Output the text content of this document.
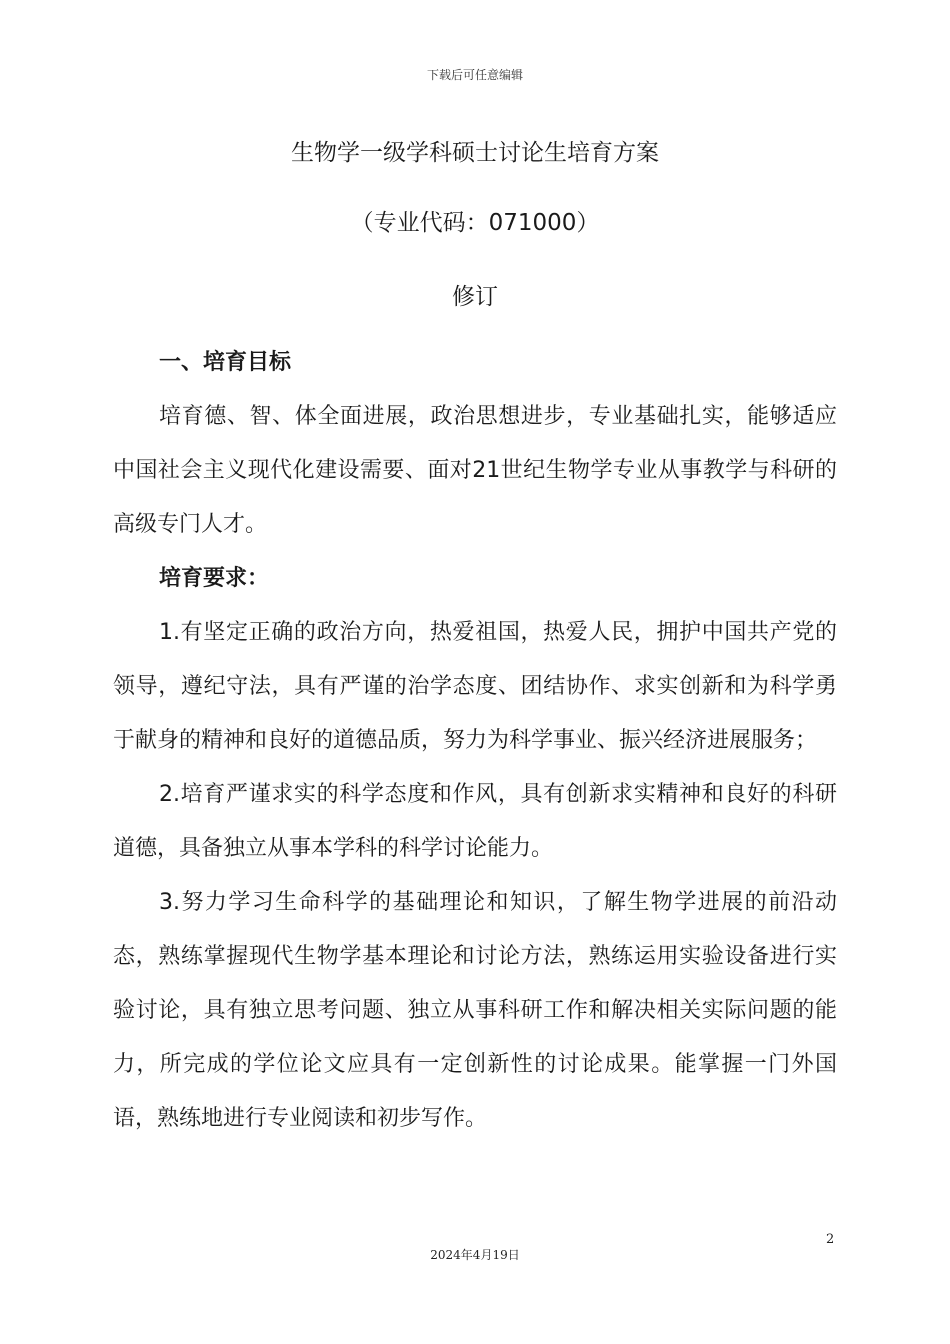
下载后可任意编辑
生物学一级学科硕士讨论生培育方案
（专业代码：071000）
修订

一、培育目标

培育德、智、体全面进展，政治思想进步，专业基础扎实，能够适应中国社会主义现代化建设需要、面对21世纪生物学专业从事教学与科研的高级专门人才。

培育要求：

1.有坚定正确的政治方向，热爱祖国，热爱人民，拥护中国共产党的领导，遵纪守法，具有严谨的治学态度、团结协作、求实创新和为科学勇于献身的精神和良好的道德品质，努力为科学事业、振兴经济进展服务；

2.培育严谨求实的科学态度和作风，具有创新求实精神和良好的科研道德，具备独立从事本学科的科学讨论能力。

3.努力学习生命科学的基础理论和知识，了解生物学进展的前沿动态，熟练掌握现代生物学基本理论和讨论方法，熟练运用实验设备进行实验讨论，具有独立思考问题、独立从事科研工作和解决相关实际问题的能力，所完成的学位论文应具有一定创新性的讨论成果。能掌握一门外国语，熟练地进行专业阅读和初步写作。

2
2024年4月19日
